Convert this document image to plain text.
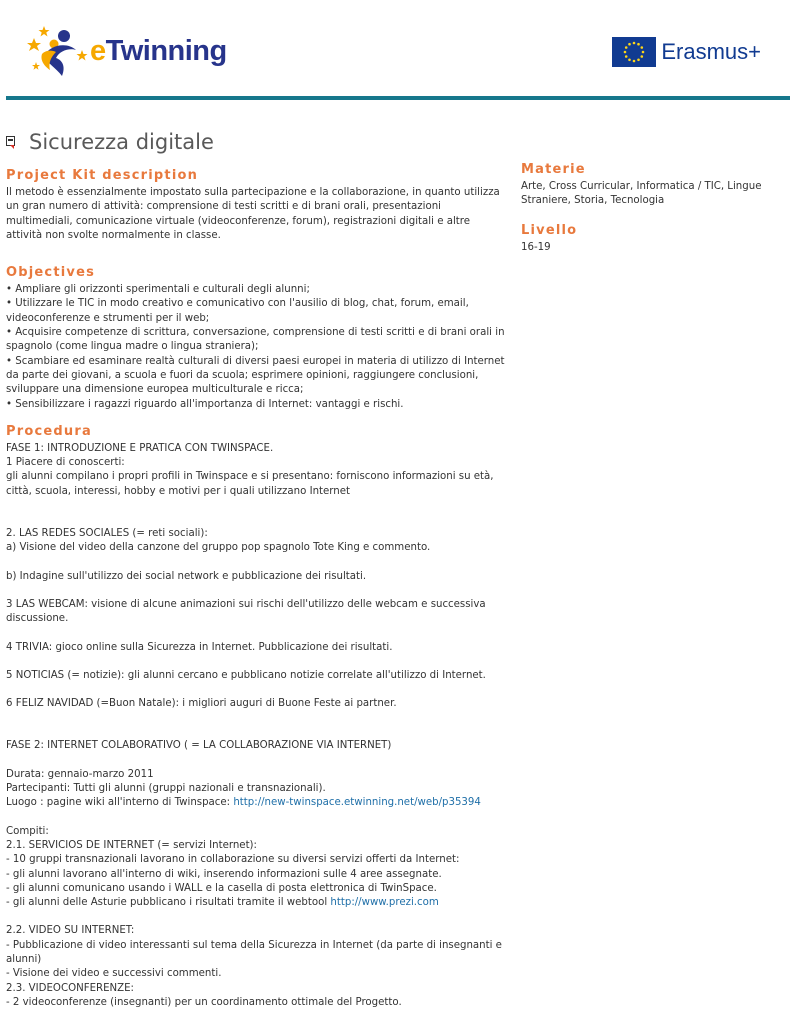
eTwinning	Erasmus+
Sicurezza digitale
Project Kit description

Il metodo è essenzialmente impostato sulla partecipazione e la collaborazione, in quanto utilizza un gran numero di attività: comprensione di testi scritti e di brani orali, presentazioni multimediali, comunicazione virtuale (videoconferenze, forum), registrazioni digitali e altre attività non svolte normalmente in classe.

Objectives

• Ampliare gli orizzonti sperimentali e culturali degli alunni;

• Utilizzare le TIC in modo creativo e comunicativo con l'ausilio di blog, chat, forum, email, videoconferenze e strumenti per il web;

• Acquisire competenze di scrittura, conversazione, comprensione di testi scritti e di brani orali in spagnolo (come lingua madre o lingua straniera);

• Scambiare ed esaminare realtà culturali di diversi paesi europei in materia di utilizzo di Internet da parte dei giovani, a scuola e fuori da scuola; esprimere opinioni, raggiungere conclusioni, sviluppare una dimensione europea multiculturale e ricca;

• Sensibilizzare i ragazzi riguardo all'importanza di Internet: vantaggi e rischi.

Procedura

FASE 1: INTRODUZIONE E PRATICA CON TWINSPACE.

1 Piacere di conoscerti:

gli alunni compilano i propri profili in Twinspace e si presentano: forniscono informazioni su età, città, scuola, interessi, hobby e motivi per i quali utilizzano Internet

2. LAS REDES SOCIALES (= reti sociali):

a) Visione del video della canzone del gruppo pop spagnolo Tote King e commento.

b) Indagine sull'utilizzo dei social network e pubblicazione dei risultati.

3 LAS WEBCAM: visione di alcune animazioni sui rischi dell'utilizzo delle webcam e successiva discussione.

4 TRIVIA: gioco online sulla Sicurezza in Internet. Pubblicazione dei risultati.

5 NOTICIAS (= notizie): gli alunni cercano e pubblicano notizie correlate all'utilizzo di Internet.

6 FELIZ NAVIDAD (=Buon Natale): i migliori auguri di Buone Feste ai partner.

FASE 2: INTERNET COLABORATIVO ( = LA COLLABORAZIONE VIA INTERNET)

Durata: gennaio-marzo 2011

Partecipanti: Tutti gli alunni (gruppi nazionali e transnazionali).

Luogo : pagine wiki all'interno di Twinspace: http://new-twinspace.etwinning.net/web/p35394

Compiti:

2.1. SERVICIOS DE INTERNET (= servizi Internet):

- 10 gruppi transnazionali lavorano in collaborazione su diversi servizi offerti da Internet:

- gli alunni lavorano all'interno di wiki, inserendo informazioni sulle 4 aree assegnate.

- gli alunni comunicano usando i WALL e la casella di posta elettronica di TwinSpace.

- gli alunni delle Asturie pubblicano i risultati tramite il webtool http://www.prezi.com

2.2. VIDEO SU INTERNET:

- Pubblicazione di video interessanti sul tema della Sicurezza in Internet (da parte di insegnanti e alunni)

- Visione dei video e successivi commenti.

2.3. VIDEOCONFERENZE:

- 2 videoconferenze (insegnanti) per un coordinamento ottimale del Progetto.

Materie

Arte, Cross Curricular, Informatica / TIC, Lingue Straniere, Storia, Tecnologia

Livello

16-19
